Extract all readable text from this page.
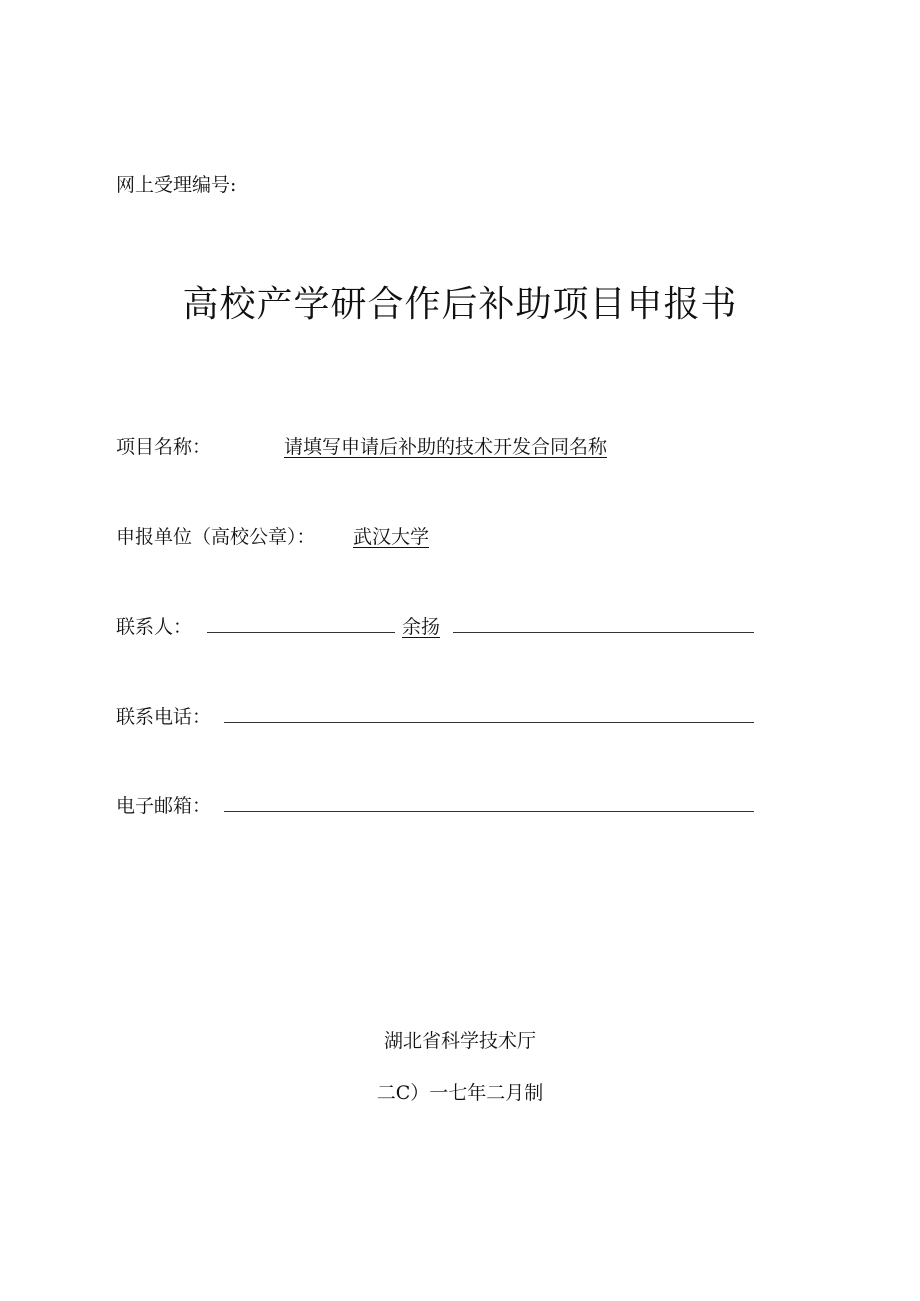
网上受理编号:
高校产学研合作后补助项目申报书
项目名称：	请填写申请后补助的技术开发合同名称
申报单位（高校公章）： 武汉大学
联系人：	余扬
联系电话：
电子邮箱：
湖北省科学技术厅
二C）一七年二月制
